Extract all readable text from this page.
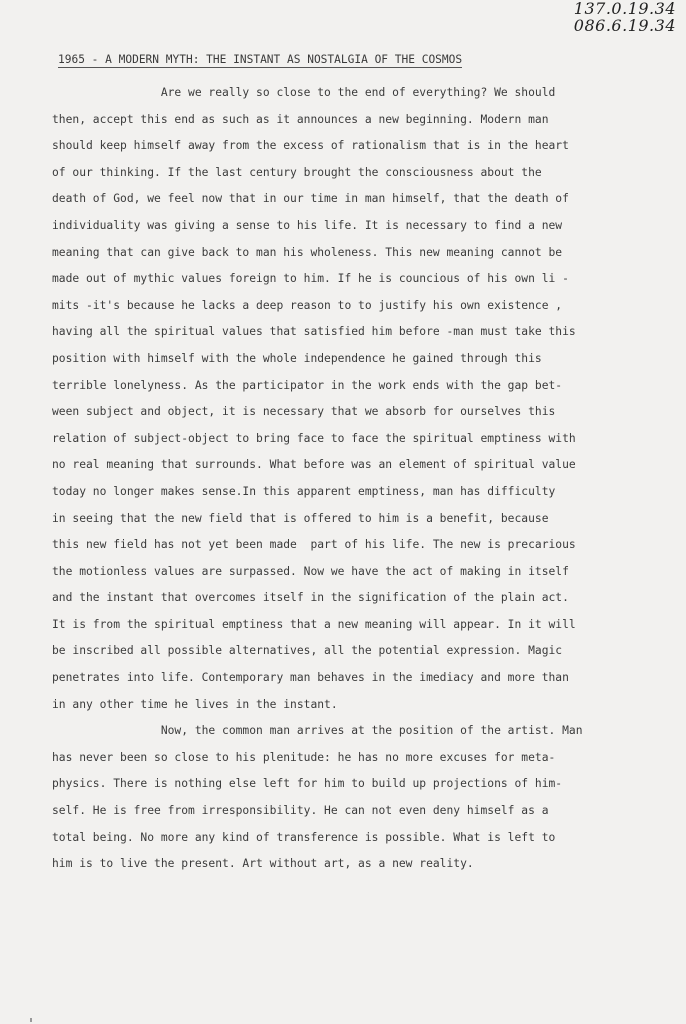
137.0.19.34
086.6.19.34
1965 - A MODERN MYTH: THE INSTANT AS NOSTALGIA OF THE COSMOS
Are we really so close to the end of everything? We should
then, accept this end as such as it announces a new beginning. Modern man
should keep himself away from the excess of rationalism that is in the heart
of our thinking. If the last century brought the consciousness about the
death of God, we feel now that in our time in man himself, that the death of
individuality was giving a sense to his life. It is necessary to find a new
meaning that can give back to man his wholeness. This new meaning cannot be
made out of mythic values foreign to him. If he is councious of his own li -
mits -it's because he lacks a deep reason to to justify his own existence ,
having all the spiritual values that satisfied him before -man must take this
position with himself with the whole independence he gained through this
terrible lonelyness. As the participator in the work ends with the gap bet-
ween subject and object, it is necessary that we absorb for ourselves this
relation of subject-object to bring face to face the spiritual emptiness with
no real meaning that surrounds. What before was an element of spiritual value
today no longer makes sense.In this apparent emptiness, man has difficulty
in seeing that the new field that is offered to him is a benefit, because
this new field has not yet been made  part of his life. The new is precarious
the motionless values are surpassed. Now we have the act of making in itself
and the instant that overcomes itself in the signification of the plain act.
It is from the spiritual emptiness that a new meaning will appear. In it will
be inscribed all possible alternatives, all the potential expression. Magic
penetrates into life. Contemporary man behaves in the imediacy and more than
in any other time he lives in the instant.
Now, the common man arrives at the position of the artist. Man
has never been so close to his plenitude: he has no more excuses for meta-
physics. There is nothing else left for him to build up projections of him-
self. He is free from irresponsibility. He can not even deny himself as a
total being. No more any kind of transference is possible. What is left to
him is to live the present. Art without art, as a new reality.
